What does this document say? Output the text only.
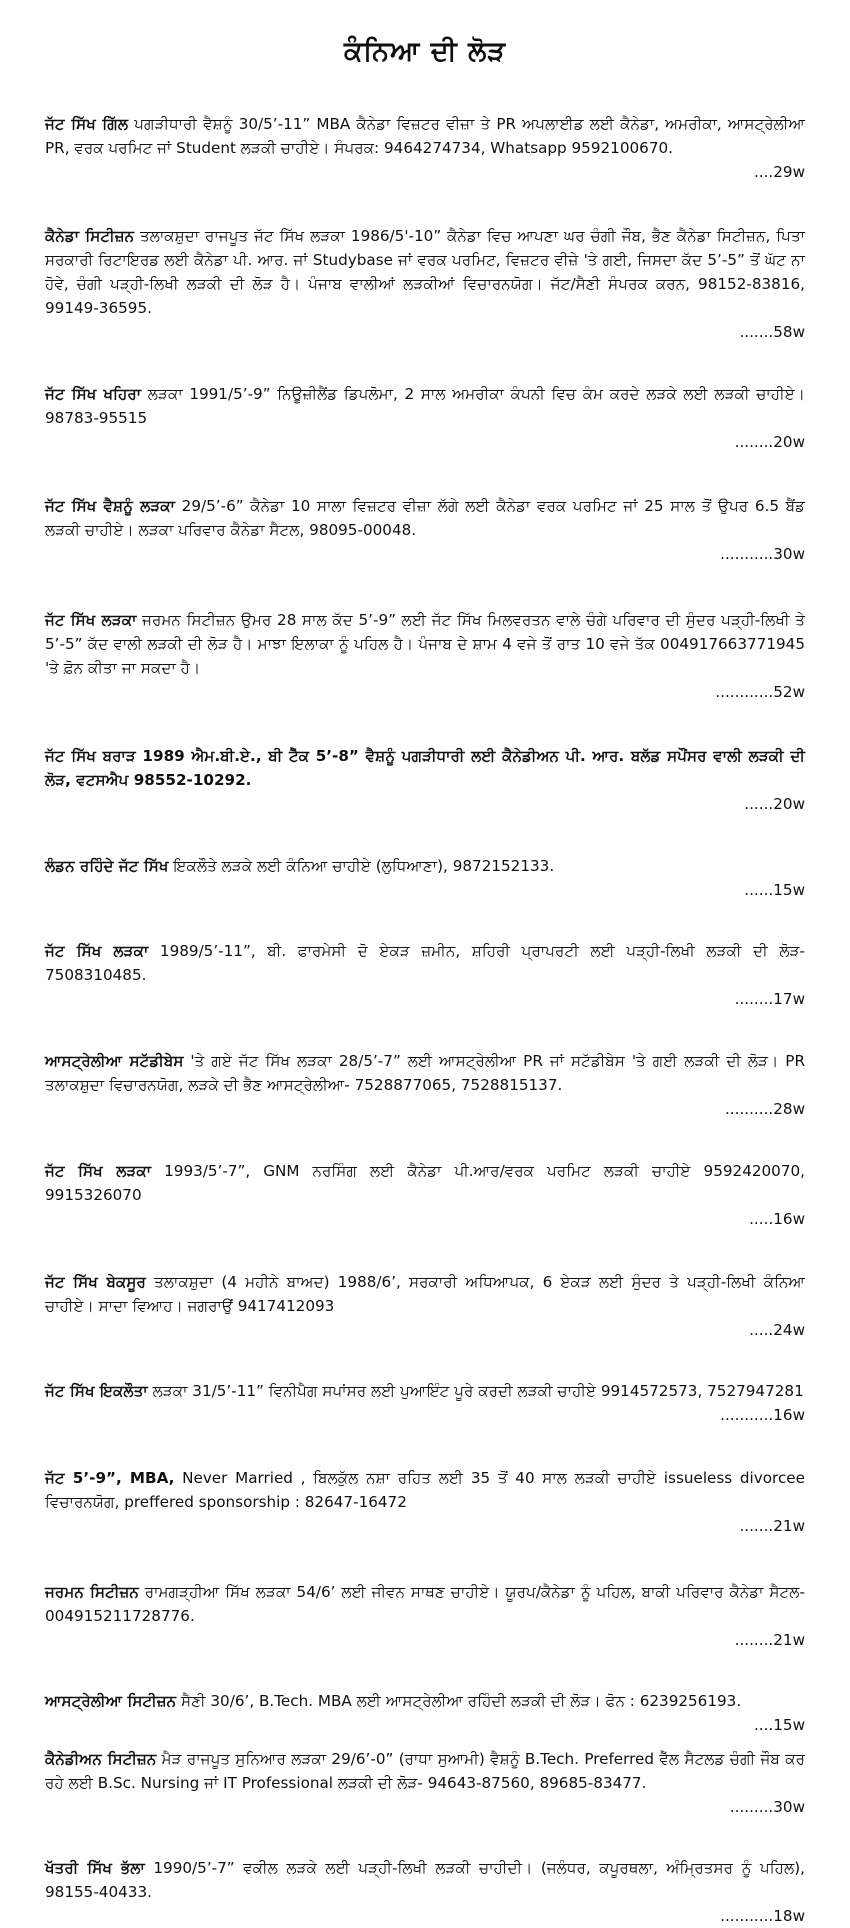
ਕੰਨਿਆ ਦੀ ਲੋੜ
ਜੱਟ ਸਿੱਖ ਗਿੱਲ ਪਗੜੀਧਾਰੀ ਵੈਸ਼ਨੂੰ 30/5’-11” MBA ਕੈਨੇਡਾ ਵਿਜ਼ਟਰ ਵੀਜ਼ਾ ਤੇ PR ਅਪਲਾਈਡ ਲਈ ਕੈਨੇਡਾ, ਅਮਰੀਕਾ, ਆਸਟ੍ਰੇਲੀਆ PR, ਵਰਕ ਪਰਮਿਟ ਜਾਂ Student ਲੜਕੀ ਚਾਹੀਏ। ਸੰਪਰਕ: 9464274734, Whatsapp 9592100670.
....29w
ਕੈਨੇਡਾ ਸਿਟੀਜ਼ਨ ਤਲਾਕਸ਼ੁਦਾ ਰਾਜਪੂਤ ਜੱਟ ਸਿੱਖ ਲੜਕਾ 1986/5'-10” ਕੈਨੇਡਾ ਵਿਚ ਆਪਣਾ ਘਰ ਚੰਗੀ ਜੌਬ, ਭੈਣ ਕੈਨੇਡਾ ਸਿਟੀਜ਼ਨ, ਪਿਤਾ ਸਰਕਾਰੀ ਰਿਟਾਇਰਡ ਲਈ ਕੈਨੇਡਾ ਪੀ. ਆਰ. ਜਾਂ Studybase ਜਾਂ ਵਰਕ ਪਰਮਿਟ, ਵਿਜ਼ਟਰ ਵੀਜ਼ੇ 'ਤੇ ਗਈ, ਜਿਸਦਾ ਕੱਦ 5’-5” ਤੋਂ ਘੱਟ ਨਾ ਹੋਵੇ, ਚੰਗੀ ਪੜ੍ਹੀ-ਲਿਖੀ ਲੜਕੀ ਦੀ ਲੋੜ ਹੈ। ਪੰਜਾਬ ਵਾਲੀਆਂ ਲੜਕੀਆਂ ਵਿਚਾਰਨਯੋਗ। ਜੱਟ/ਸੈਣੀ ਸੰਪਰਕ ਕਰਨ, 98152-83816, 99149-36595.
.......58w
ਜੱਟ ਸਿੱਖ ਖਹਿਰਾ ਲੜਕਾ 1991/5’-9” ਨਿਊਜ਼ੀਲੈਂਡ ਡਿਪਲੋਮਾ, 2 ਸਾਲ ਅਮਰੀਕਾ ਕੰਪਨੀ ਵਿਚ ਕੰਮ ਕਰਦੇ ਲੜਕੇ ਲਈ ਲੜਕੀ ਚਾਹੀਏ। 98783-95515
........20w
ਜੱਟ ਸਿੱਖ ਵੈਸ਼ਨੂੰ ਲੜਕਾ 29/5’-6” ਕੈਨੇਡਾ 10 ਸਾਲਾ ਵਿਜ਼ਟਰ ਵੀਜ਼ਾ ਲੱਗੇ ਲਈ ਕੈਨੇਡਾ ਵਰਕ ਪਰਮਿਟ ਜਾਂ 25 ਸਾਲ ਤੋਂ ਉਪਰ 6.5 ਬੈਂਡ ਲੜਕੀ ਚਾਹੀਏ। ਲੜਕਾ ਪਰਿਵਾਰ ਕੈਨੇਡਾ ਸੈਟਲ, 98095-00048.
...........30w
ਜੱਟ ਸਿੱਖ ਲੜਕਾ ਜਰਮਨ ਸਿਟੀਜ਼ਨ ਉਮਰ 28 ਸਾਲ ਕੱਦ 5’-9” ਲਈ ਜੱਟ ਸਿੱਖ ਮਿਲਵਰਤਨ ਵਾਲੇ ਚੰਗੇ ਪਰਿਵਾਰ ਦੀ ਸੁੰਦਰ ਪੜ੍ਹੀ-ਲਿਖੀ ਤੇ 5’-5” ਕੱਦ ਵਾਲੀ ਲੜਕੀ ਦੀ ਲੋੜ ਹੈ। ਮਾਝਾ ਇਲਾਕਾ ਨੂੰ ਪਹਿਲ ਹੈ। ਪੰਜਾਬ ਦੇ ਸ਼ਾਮ 4 ਵਜੇ ਤੋਂ ਰਾਤ 10 ਵਜੇ ਤੱਕ 004917663771945 'ਤੇ ਫ਼ੋਨ ਕੀਤਾ ਜਾ ਸਕਦਾ ਹੈ।
............52w
ਜੱਟ ਸਿੱਖ ਬਰਾੜ 1989 ਐਮ.ਬੀ.ਏ., ਬੀ ਟੈੱਕ 5’-8” ਵੈਸ਼ਨੂੰ ਪਗੜੀਧਾਰੀ ਲਈ ਕੈਨੇਡੀਅਨ ਪੀ. ਆਰ. ਬਲੱਡ ਸਪੌਂਸਰ ਵਾਲੀ ਲੜਕੀ ਦੀ ਲੋੜ, ਵਟਸਐਪ 98552-10292.
......20w
ਲੰਡਨ ਰਹਿੰਦੇ ਜੱਟ ਸਿੱਖ ਇਕਲੌਤੇ ਲੜਕੇ ਲਈ ਕੰਨਿਆ ਚਾਹੀਏ (ਲੁਧਿਆਣਾ), 9872152133.
......15w
ਜੱਟ ਸਿੱਖ ਲੜਕਾ 1989/5’-11”, ਬੀ. ਫਾਰਮੇਸੀ ਦੋ ਏਕੜ ਜ਼ਮੀਨ, ਸ਼ਹਿਰੀ ਪ੍ਰਾਪਰਟੀ ਲਈ ਪੜ੍ਹੀ-ਲਿਖੀ ਲੜਕੀ ਦੀ ਲੋੜ- 7508310485.
........17w
ਆਸਟ੍ਰੇਲੀਆ ਸਟੱਡੀਬੇਸ 'ਤੇ ਗਏ ਜੱਟ ਸਿੱਖ ਲੜਕਾ 28/5’-7” ਲਈ ਆਸਟ੍ਰੇਲੀਆ PR ਜਾਂ ਸਟੱਡੀਬੇਸ 'ਤੇ ਗਈ ਲੜਕੀ ਦੀ ਲੋੜ। PR ਤਲਾਕਸ਼ੁਦਾ ਵਿਚਾਰਨਯੋਗ, ਲੜਕੇ ਦੀ ਭੈਣ ਆਸਟ੍ਰੇਲੀਆ- 7528877065, 7528815137.
..........28w
ਜੱਟ ਸਿੱਖ ਲੜਕਾ 1993/5’-7”, GNM ਨਰਸਿੰਗ ਲਈ ਕੈਨੇਡਾ ਪੀ.ਆਰ/ਵਰਕ ਪਰਮਿਟ ਲੜਕੀ ਚਾਹੀਏ 9592420070, 9915326070
.....16w
ਜੱਟ ਸਿੱਖ ਬੇਕਸੂਰ ਤਲਾਕਸ਼ੁਦਾ (4 ਮਹੀਨੇ ਬਾਅਦ) 1988/6’, ਸਰਕਾਰੀ ਅਧਿਆਪਕ, 6 ਏਕੜ ਲਈ ਸੁੰਦਰ ਤੇ ਪੜ੍ਹੀ-ਲਿਖੀ ਕੰਨਿਆ ਚਾਹੀਏ। ਸਾਦਾ ਵਿਆਹ। ਜਗਰਾਉਂ 9417412093
.....24w
ਜੱਟ ਸਿੱਖ ਇਕਲੌਤਾ ਲੜਕਾ 31/5’-11” ਵਿਨੀਪੈਗ ਸਪਾਂਸਰ ਲਈ ਪੁਆਇੰਟ ਪੂਰੇ ਕਰਦੀ ਲੜਕੀ ਚਾਹੀਏ 9914572573, 7527947281
...........16w
ਜੱਟ 5’-9”, MBA, Never Married , ਬਿਲਕੁੱਲ ਨਸ਼ਾ ਰਹਿਤ ਲਈ 35 ਤੋਂ 40 ਸਾਲ ਲੜਕੀ ਚਾਹੀਏ issueless divorcee ਵਿਚਾਰਨਯੋਗ, preffered sponsorship : 82647-16472
.......21w
ਜਰਮਨ ਸਿਟੀਜ਼ਨ ਰਾਮਗੜ੍ਹੀਆ ਸਿੱਖ ਲੜਕਾ 54/6’ ਲਈ ਜੀਵਨ ਸਾਥਣ ਚਾਹੀਏ। ਯੂਰਪ/ਕੈਨੇਡਾ ਨੂੰ ਪਹਿਲ, ਬਾਕੀ ਪਰਿਵਾਰ ਕੈਨੇਡਾ ਸੈਟਲ- 004915211728776.
........21w
ਆਸਟ੍ਰੇਲੀਆ ਸਿਟੀਜ਼ਨ ਸੈਣੀ 30/6’, B.Tech. MBA ਲਈ ਆਸਟ੍ਰੇਲੀਆ ਰਹਿੰਦੀ ਲੜਕੀ ਦੀ ਲੋੜ। ਫੋਨ : 6239256193.
....15w
ਕੈਨੇਡੀਅਨ ਸਿਟੀਜ਼ਨ ਮੈੜ ਰਾਜਪੂਤ ਸੁਨਿਆਰ ਲੜਕਾ 29/6’-0” (ਰਾਧਾ ਸੁਆਮੀ) ਵੈਸ਼ਨੂੰ B.Tech. Preferred ਵੈੱਲ ਸੈਟਲਡ ਚੰਗੀ ਜੌਬ ਕਰ ਰਹੇ ਲਈ B.Sc. Nursing ਜਾਂ IT Professional ਲੜਕੀ ਦੀ ਲੋੜ- 94643-87560, 89685-83477.
.........30w
ਖੱਤਰੀ ਸਿੱਖ ਭੱਲਾ 1990/5’-7” ਵਕੀਲ ਲੜਕੇ ਲਈ ਪੜ੍ਹੀ-ਲਿਖੀ ਲੜਕੀ ਚਾਹੀਦੀ। (ਜਲੰਧਰ, ਕਪੂਰਥਲਾ, ਅੰਮ੍ਰਿਤਸਰ ਨੂੰ ਪਹਿਲ), 98155-40433.
...........18w
